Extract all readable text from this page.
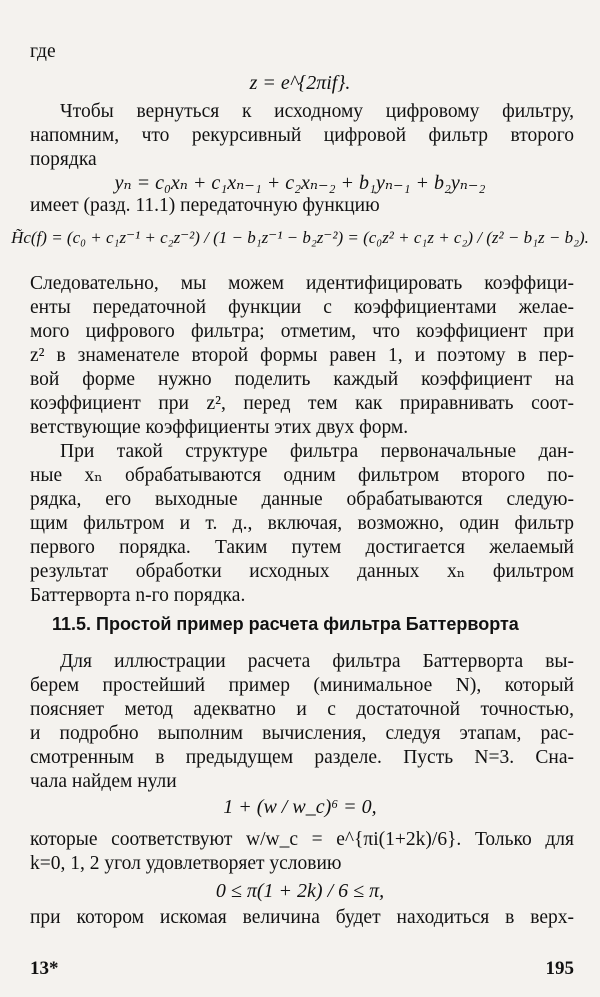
где
z = e^{2πif}.
Чтобы вернуться к исходному цифровому фильтру,
напомним, что рекурсивный цифровой фильтр второго
порядка
yₙ = c₀xₙ + c₁xₙ₋₁ + c₂xₙ₋₂ + b₁yₙ₋₁ + b₂yₙ₋₂
имеет (разд. 11.1) передаточную функцию
H̃c(f) = (c₀ + c₁z⁻¹ + c₂z⁻²) / (1 − b₁z⁻¹ − b₂z⁻²) = (c₀z² + c₁z + c₂) / (z² − b₁z − b₂).
Следовательно, мы можем идентифицировать коэффици-
енты передаточной функции с коэффициентами желае-
мого цифрового фильтра; отметим, что коэффициент при
z² в знаменателе второй формы равен 1, и поэтому в пер-
вой форме нужно поделить каждый коэффициент на
коэффициент при z², перед тем как приравнивать соот-
ветствующие коэффициенты этих двух форм.
При такой структуре фильтра первоначальные дан-
ные xₙ обрабатываются одним фильтром второго по-
рядка, его выходные данные обрабатываются следую-
щим фильтром и т. д., включая, возможно, один фильтр
первого порядка. Таким путем достигается желаемый
результат обработки исходных данных xₙ фильтром
Баттерворта n-го порядка.
11.5. Простой пример расчета фильтра Баттерворта
Для иллюстрации расчета фильтра Баттерворта вы-
берем простейший пример (минимальное N), который
поясняет метод адекватно и с достаточной точностью,
и подробно выполним вычисления, следуя этапам, рас-
смотренным в предыдущем разделе. Пусть N=3. Сна-
чала найдем нули
1 + (w / w_c)⁶ = 0,
которые соответствуют w/w_c = e^{πi(1+2k)/6}. Только для
k=0, 1, 2 угол удовлетворяет условию
0 ≤ π(1 + 2k) / 6 ≤ π,
при котором искомая величина будет находиться в верх-
13*	195
